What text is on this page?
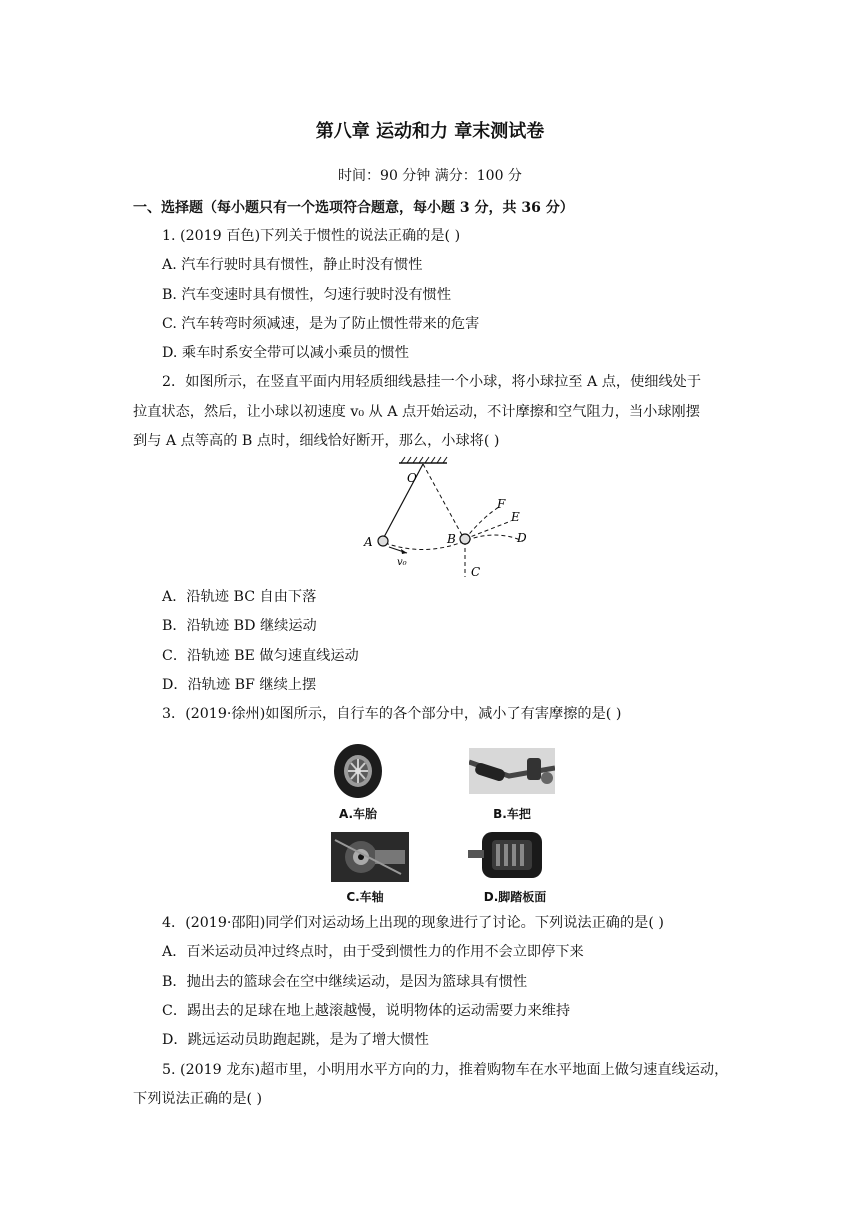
第八章 运动和力 章末测试卷
时间：90 分钟 满分：100 分
一、选择题（每小题只有一个选项符合题意，每小题 3 分，共 36 分）
1. (2019 百色)下列关于惯性的说法正确的是( )
A. 汽车行驶时具有惯性，静止时没有惯性
B. 汽车变速时具有惯性，匀速行驶时没有惯性
C. 汽车转弯时须减速，是为了防止惯性带来的危害
D. 乘车时系安全带可以减小乘员的惯性
2．如图所示，在竖直平面内用轻质细线悬挂一个小球，将小球拉至 A 点，使细线处于
拉直状态，然后，让小球以初速度 v₀ 从 A 点开始运动，不计摩擦和空气阻力，当小球刚摆
到与 A 点等高的 B 点时，细线恰好断开，那么，小球将( )
O
A	B
C
D
E
F
v₀
A．沿轨迹 BC 自由下落
B．沿轨迹 BD 继续运动
C．沿轨迹 BE 做匀速直线运动
D．沿轨迹 BF 继续上摆
3．(2019·徐州)如图所示，自行车的各个部分中，减小了有害摩擦的是( )
A.车胎	B.车把
C.车轴	D.脚踏板面
4．(2019·邵阳)同学们对运动场上出现的现象进行了讨论。下列说法正确的是( )
A．百米运动员冲过终点时，由于受到惯性力的作用不会立即停下来
B．抛出去的篮球会在空中继续运动，是因为篮球具有惯性
C．踢出去的足球在地上越滚越慢，说明物体的运动需要力来维持
D．跳远运动员助跑起跳，是为了增大惯性
5. (2019 龙东)超市里，小明用水平方向的力，推着购物车在水平地面上做匀速直线运动，
下列说法正确的是( )
